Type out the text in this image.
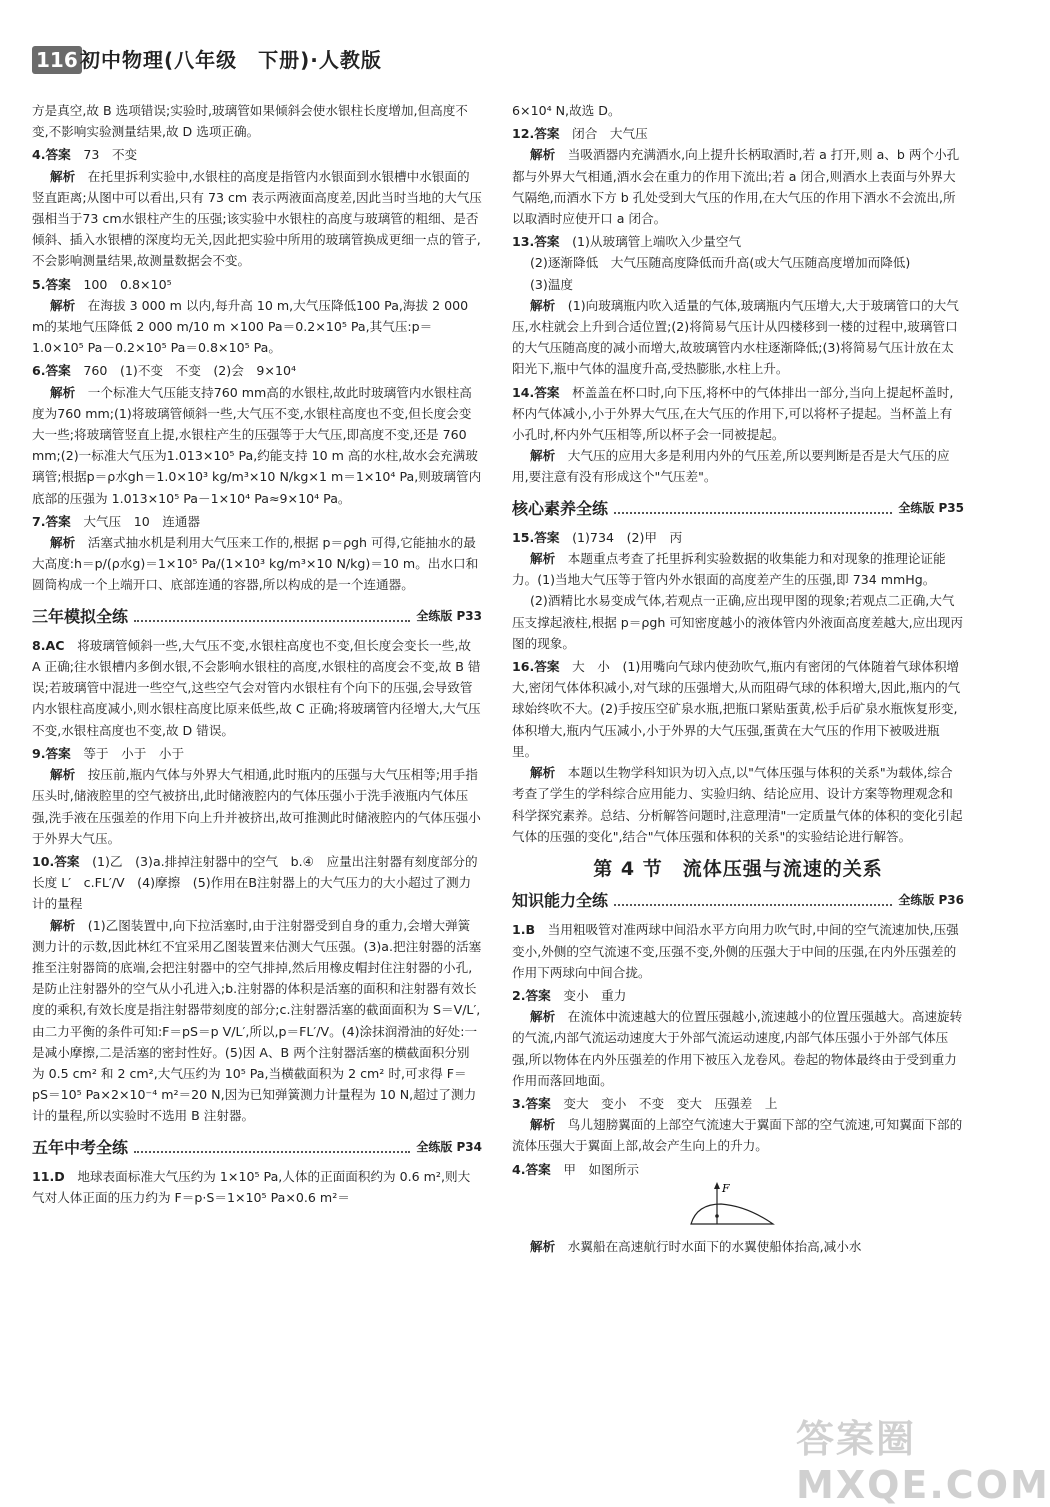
116 初中物理(八年级　下册)·人教版
方是真空,故 B 选项错误;实验时,玻璃管如果倾斜会使水银柱长度增加,但高度不变,不影响实验测量结果,故 D 选项正确。
4.答案　 73　不变
解析　 在托里拆利实验中,水银柱的高度是指管内水银面到水银槽中水银面的竖直距离;从图中可以看出,只有 73 cm 表示两液面高度差,因此当时当地的大气压强相当于73 cm水银柱产生的压强;该实验中水银柱的高度与玻璃管的粗细、是否倾斜、插入水银槽的深度均无关,因此把实验中所用的玻璃管换成更细一点的管子,不会影响测量结果,故测量数据会不变。
5.答案　 100　0.8×10⁵
解析　 在海拔 3 000 m 以内,每升高 10 m,大气压降低100 Pa,海拔 2 000 m的某地气压降低 2 000 m/10 m ×100 Pa＝0.2×10⁵ Pa,其气压:p＝1.0×10⁵ Pa－0.2×10⁵ Pa＝0.8×10⁵ Pa。
6.答案　 760　(1)不变　不变　(2)会　9×10⁴
解析　 一个标准大气压能支持760 mm高的水银柱,故此时玻璃管内水银柱高度为760 mm;(1)将玻璃管倾斜一些,大气压不变,水银柱高度也不变,但长度会变大一些;将玻璃管竖直上提,水银柱产生的压强等于大气压,即高度不变,还是 760 mm;(2)一标准大气压为1.013×10⁵ Pa,约能支持 10 m 高的水柱,故水会充满玻璃管;根据p＝ρ水gh＝1.0×10³ kg/m³×10 N/kg×1 m＝1×10⁴ Pa,则玻璃管内底部的压强为 1.013×10⁵ Pa－1×10⁴ Pa≈9×10⁴ Pa。
7.答案　 大气压　10　连通器
解析　 活塞式抽水机是利用大气压来工作的,根据 p＝ρgh 可得,它能抽水的最大高度:h＝p/(ρ水g)＝1×10⁵ Pa/(1×10³ kg/m³×10 N/kg)＝10 m。出水口和圆筒构成一个上端开口、底部连通的容器,所以构成的是一个连通器。
三年模拟全练	全练版 P33
8.AC　 将玻璃管倾斜一些,大气压不变,水银柱高度也不变,但长度会变长一些,故 A 正确;往水银槽内多倒水银,不会影响水银柱的高度,水银柱的高度会不变,故 B 错误;若玻璃管中混进一些空气,这些空气会对管内水银柱有个向下的压强,会导致管内水银柱高度减小,则水银柱高度比原来低些,故 C 正确;将玻璃管内径增大,大气压不变,水银柱高度也不变,故 D 错误。
9.答案　 等于　小于　小于
解析　 按压前,瓶内气体与外界大气相通,此时瓶内的压强与大气压相等;用手指压头时,储液腔里的空气被挤出,此时储液腔内的气体压强小于洗手液瓶内气体压强,洗手液在压强差的作用下向上升并被挤出,故可推测此时储液腔内的气体压强小于外界大气压。
10.答案　 (1)乙　(3)a.排掉注射器中的空气　b.④　应量出注射器有刻度部分的长度 L′　c.FL′/V　(4)摩擦　(5)作用在B注射器上的大气压力的大小超过了测力计的量程
解析　 (1)乙图装置中,向下拉活塞时,由于注射器受到自身的重力,会增大弹簧测力计的示数,因此林红不宜采用乙图装置来估测大气压强。(3)a.把注射器的活塞推至注射器筒的底端,会把注射器中的空气排掉,然后用橡皮帽封住注射器的小孔,是防止注射器外的空气从小孔进入;b.注射器的体积是活塞的面积和注射器有效长度的乘积,有效长度是指注射器带刻度的部分;c.注射器活塞的截面面积为 S＝V/L′,由二力平衡的条件可知:F＝pS＝p V/L′,所以,p＝FL′/V。(4)涂抹润滑油的好处:一是减小摩擦,二是活塞的密封性好。(5)因 A、B 两个注射器活塞的横截面积分别为 0.5 cm² 和 2 cm²,大气压约为 10⁵ Pa,当横截面积为 2 cm² 时,可求得 F＝pS＝10⁵ Pa×2×10⁻⁴ m²＝20 N,因为已知弹簧测力计量程为 10 N,超过了测力计的量程,所以实验时不选用 B 注射器。
五年中考全练	全练版 P34
11.D　 地球表面标准大气压约为 1×10⁵ Pa,人体的正面面积约为 0.6 m²,则大气对人体正面的压力约为 F＝p·S＝1×10⁵ Pa×0.6 m²＝
6×10⁴ N,故选 D。
12.答案　 闭合　大气压
解析　 当吸酒器内充满酒水,向上提升长柄取酒时,若 a 打开,则 a、b 两个小孔都与外界大气相通,酒水会在重力的作用下流出;若 a 闭合,则酒水上表面与外界大气隔绝,而酒水下方 b 孔处受到大气压的作用,在大气压的作用下酒水不会流出,所以取酒时应使开口 a 闭合。
13.答案　 (1)从玻璃管上端吹入少量空气
(2)逐渐降低　大气压随高度降低而升高(或大气压随高度增加而降低)
(3)温度
解析　 (1)向玻璃瓶内吹入适量的气体,玻璃瓶内气压增大,大于玻璃管口的大气压,水柱就会上升到合适位置;(2)将简易气压计从四楼移到一楼的过程中,玻璃管口的大气压随高度的减小而增大,故玻璃管内水柱逐渐降低;(3)将简易气压计放在太阳光下,瓶中气体的温度升高,受热膨胀,水柱上升。
14.答案　 杯盖盖在杯口时,向下压,将杯中的气体排出一部分,当向上提起杯盖时,杯内气体减小,小于外界大气压,在大气压的作用下,可以将杯子提起。当杯盖上有小孔时,杯内外气压相等,所以杯子会一同被提起。
解析　 大气压的应用大多是利用内外的气压差,所以要判断是否是大气压的应用,要注意有没有形成这个"气压差"。
核心素养全练	全练版 P35
15.答案　 (1)734　(2)甲　丙
解析　 本题重点考查了托里拆利实验数据的收集能力和对现象的推理论证能力。(1)当地大气压等于管内外水银面的高度差产生的压强,即 734 mmHg。
(2)酒精比水易变成气体,若观点一正确,应出现甲图的现象;若观点二正确,大气压支撑起液柱,根据 p＝ρgh 可知密度越小的液体管内外液面高度差越大,应出现丙图的现象。
16.答案　 大　小　 (1)用嘴向气球内使劲吹气,瓶内有密闭的气体随着气球体积增大,密闭气体体积减小,对气球的压强增大,从而阻碍气球的体积增大,因此,瓶内的气球始终吹不大。(2)手按压空矿泉水瓶,把瓶口紧贴蛋黄,松手后矿泉水瓶恢复形变,体积增大,瓶内气压减小,小于外界的大气压强,蛋黄在大气压的作用下被吸进瓶里。
解析　 本题以生物学科知识为切入点,以"气体压强与体积的关系"为载体,综合考查了学生的学科综合应用能力、实验归纳、结论应用、设计方案等物理观念和科学探究素养。总结、分析解答问题时,注意理清"一定质量气体的体积的变化引起气体的压强的变化",结合"气体压强和体积的关系"的实验结论进行解答。
第 4 节　流体压强与流速的关系
知识能力全练	全练版 P36
1.B　 当用粗吸管对准两球中间沿水平方向用力吹气时,中间的空气流速加快,压强变小,外侧的空气流速不变,压强不变,外侧的压强大于中间的压强,在内外压强差的作用下两球向中间合拢。
2.答案　 变小　重力
解析　 在流体中流速越大的位置压强越小,流速越小的位置压强越大。高速旋转的气流,内部气流运动速度大于外部气流运动速度,内部气体压强小于外部气体压强,所以物体在内外压强差的作用下被压入龙卷风。卷起的物体最终由于受到重力作用而落回地面。
3.答案　 变大　变小　不变　变大　压强差　上
解析　 鸟儿翅膀翼面的上部空气流速大于翼面下部的空气流速,可知翼面下部的流体压强大于翼面上部,故会产生向上的升力。
4.答案　 甲　如图所示
F
解析　 水翼船在高速航行时水面下的水翼使船体抬高,减小水
答案圈 MXQE.COM
